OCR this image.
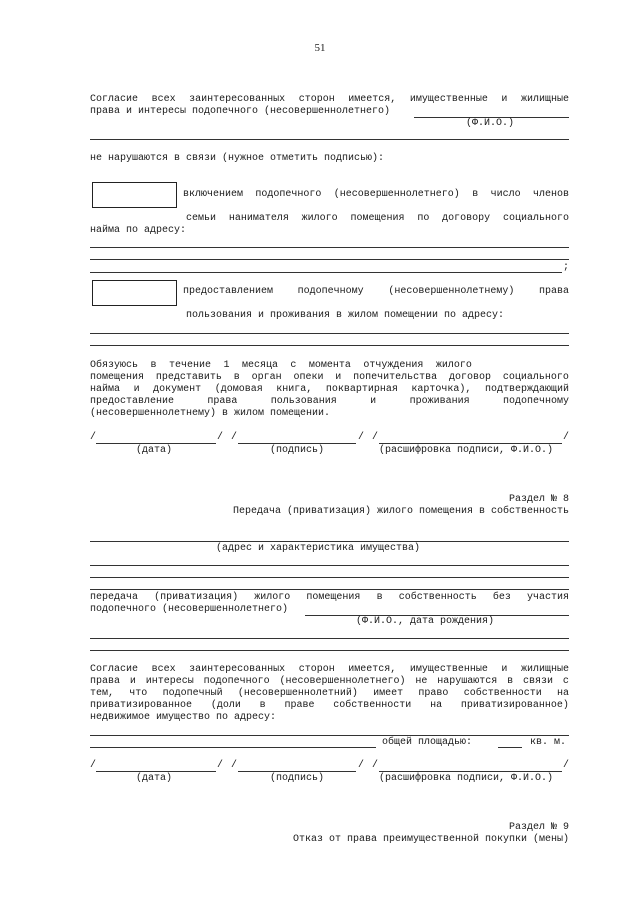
51
Согласие всех заинтересованных сторон имеется, имущественные и жилищные
права и интересы подопечного (несовершеннолетнего)
(Ф.И.О.)
не нарушаются в связи (нужное отметить подписью):
включением подопечного (несовершеннолетнего) в число членов
семьи нанимателя жилого помещения по договору социального
найма по адресу:
;
предоставлением подопечному (несовершеннолетнему) права
пользования и проживания в жилом помещении по адресу:
Обязуюсь в течение 1 месяца с момента отчуждения жилого
помещения представить в орган опеки и попечительства договор социального
найма и документ (домовая книга, поквартирная карточка), подтверждающий
предоставление	права	пользования	и	проживания	подопечному
(несовершеннолетнему) в жилом помещении.
/	/ /	/ /	/
(дата)	(подпись)	(расшифровка подписи, Ф.И.О.)
Раздел № 8
Передача (приватизация) жилого помещения в собственность
(адрес и характеристика имущества)
передача (приватизация) жилого помещения в собственность без участия
подопечного (несовершеннолетнего)
(Ф.И.О., дата рождения)
Согласие всех заинтересованных сторон имеется, имущественные и жилищные
права и интересы подопечного (несовершеннолетнего) не нарушаются в связи с
тем, что подопечный (несовершеннолетний) имеет право собственности на
приватизированное (доли в праве собственности на приватизированное)
недвижимое имущество по адресу:
общей площадью:	кв. м.
/	/ /	/ /	/
(дата)	(подпись)	(расшифровка подписи, Ф.И.О.)
Раздел № 9
Отказ от права преимущественной покупки (мены)
